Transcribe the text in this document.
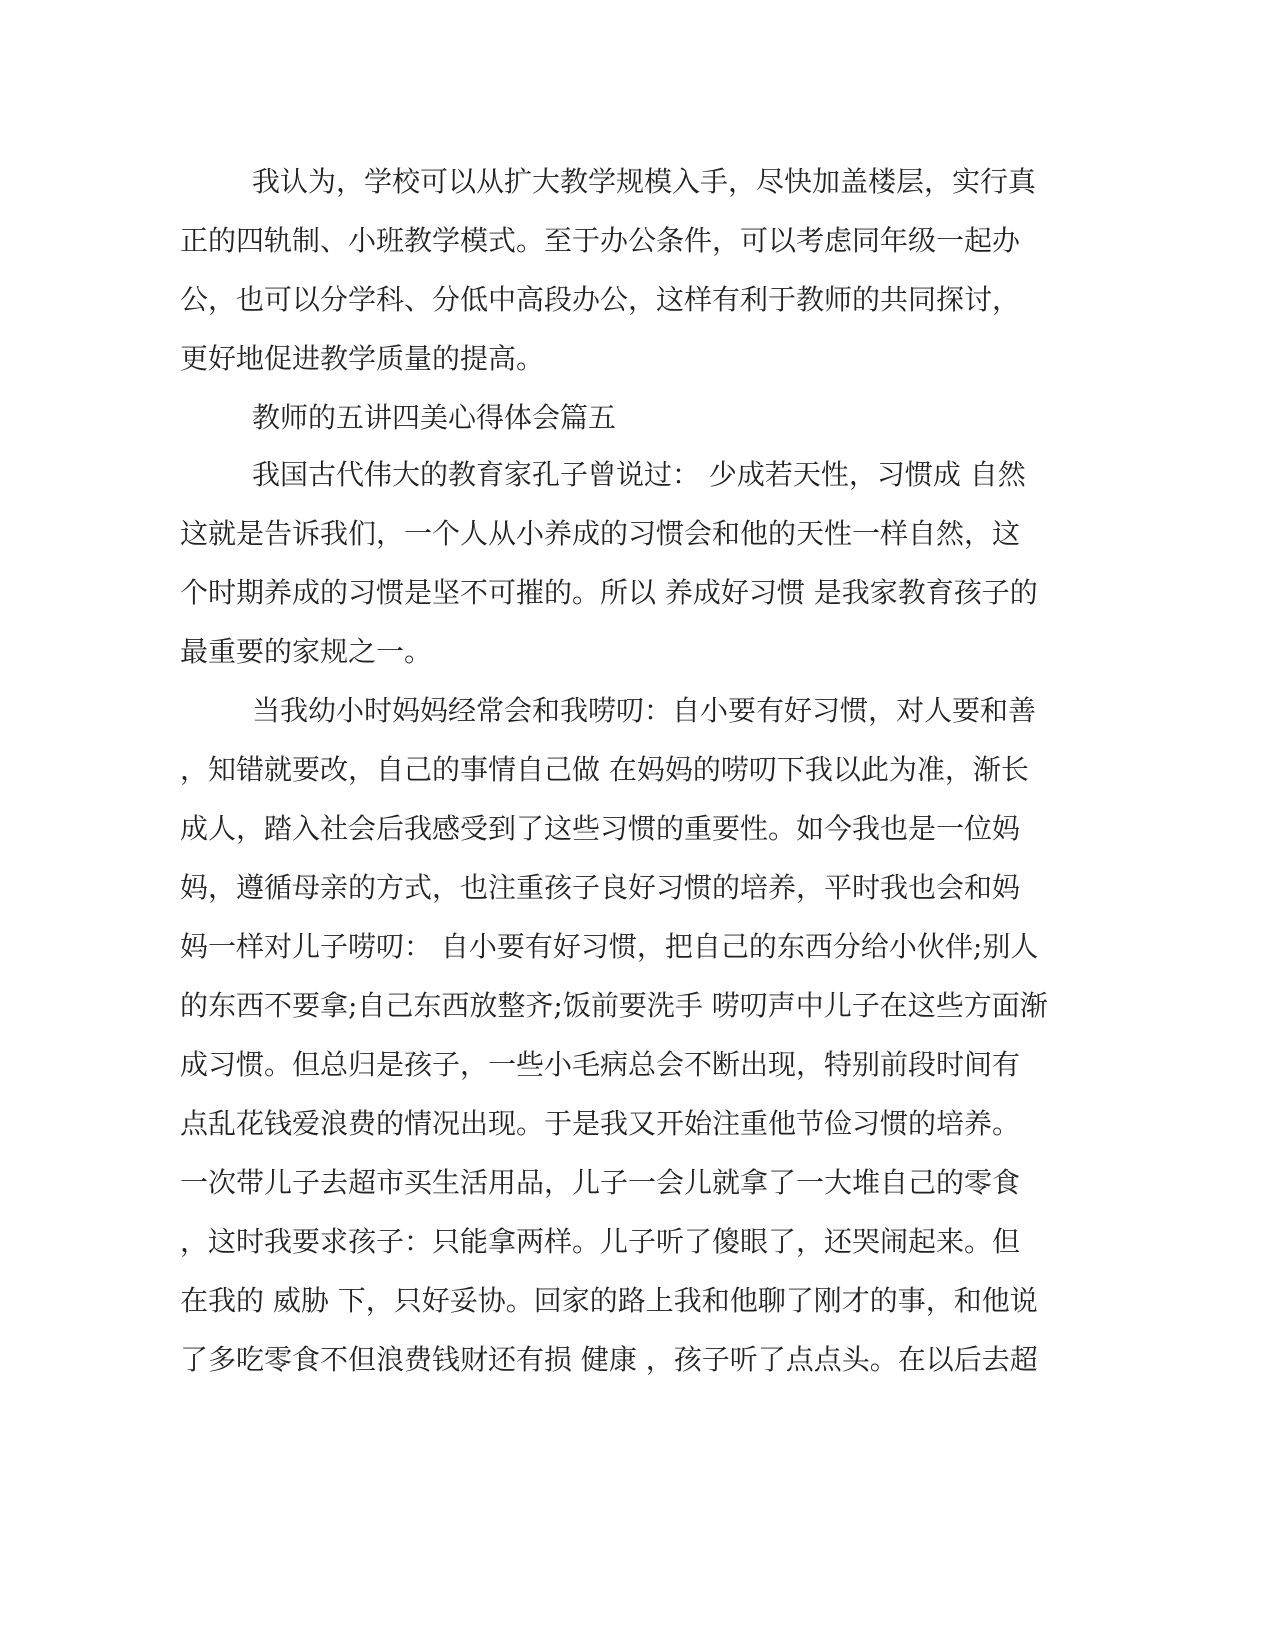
我认为，学校可以从扩大教学规模入手，尽快加盖楼层，实行真
正的四轨制、小班教学模式。至于办公条件，可以考虑同年级一起办
公，也可以分学科、分低中高段办公，这样有利于教师的共同探讨，
更好地促进教学质量的提高。
教师的五讲四美心得体会篇五
我国古代伟大的教育家孔子曾说过： 少成若天性，习惯成 自然
这就是告诉我们，一个人从小养成的习惯会和他的天性一样自然，这
个时期养成的习惯是坚不可摧的。所以 养成好习惯 是我家教育孩子的
最重要的家规之一。
当我幼小时妈妈经常会和我唠叨：自小要有好习惯，对人要和善
，知错就要改，自己的事情自己做 在妈妈的唠叨下我以此为准，渐长
成人，踏入社会后我感受到了这些习惯的重要性。如今我也是一位妈
妈，遵循母亲的方式，也注重孩子良好习惯的培养，平时我也会和妈
妈一样对儿子唠叨： 自小要有好习惯，把自己的东西分给小伙伴;别人
的东西不要拿;自己东西放整齐;饭前要洗手 唠叨声中儿子在这些方面渐
成习惯。但总归是孩子，一些小毛病总会不断出现，特别前段时间有
点乱花钱爱浪费的情况出现。于是我又开始注重他节俭习惯的培养。
一次带儿子去超市买生活用品，儿子一会儿就拿了一大堆自己的零食
，这时我要求孩子：只能拿两样。儿子听了傻眼了，还哭闹起来。但
在我的 威胁 下，只好妥协。回家的路上我和他聊了刚才的事，和他说
了多吃零食不但浪费钱财还有损 健康 ，孩子听了点点头。在以后去超
